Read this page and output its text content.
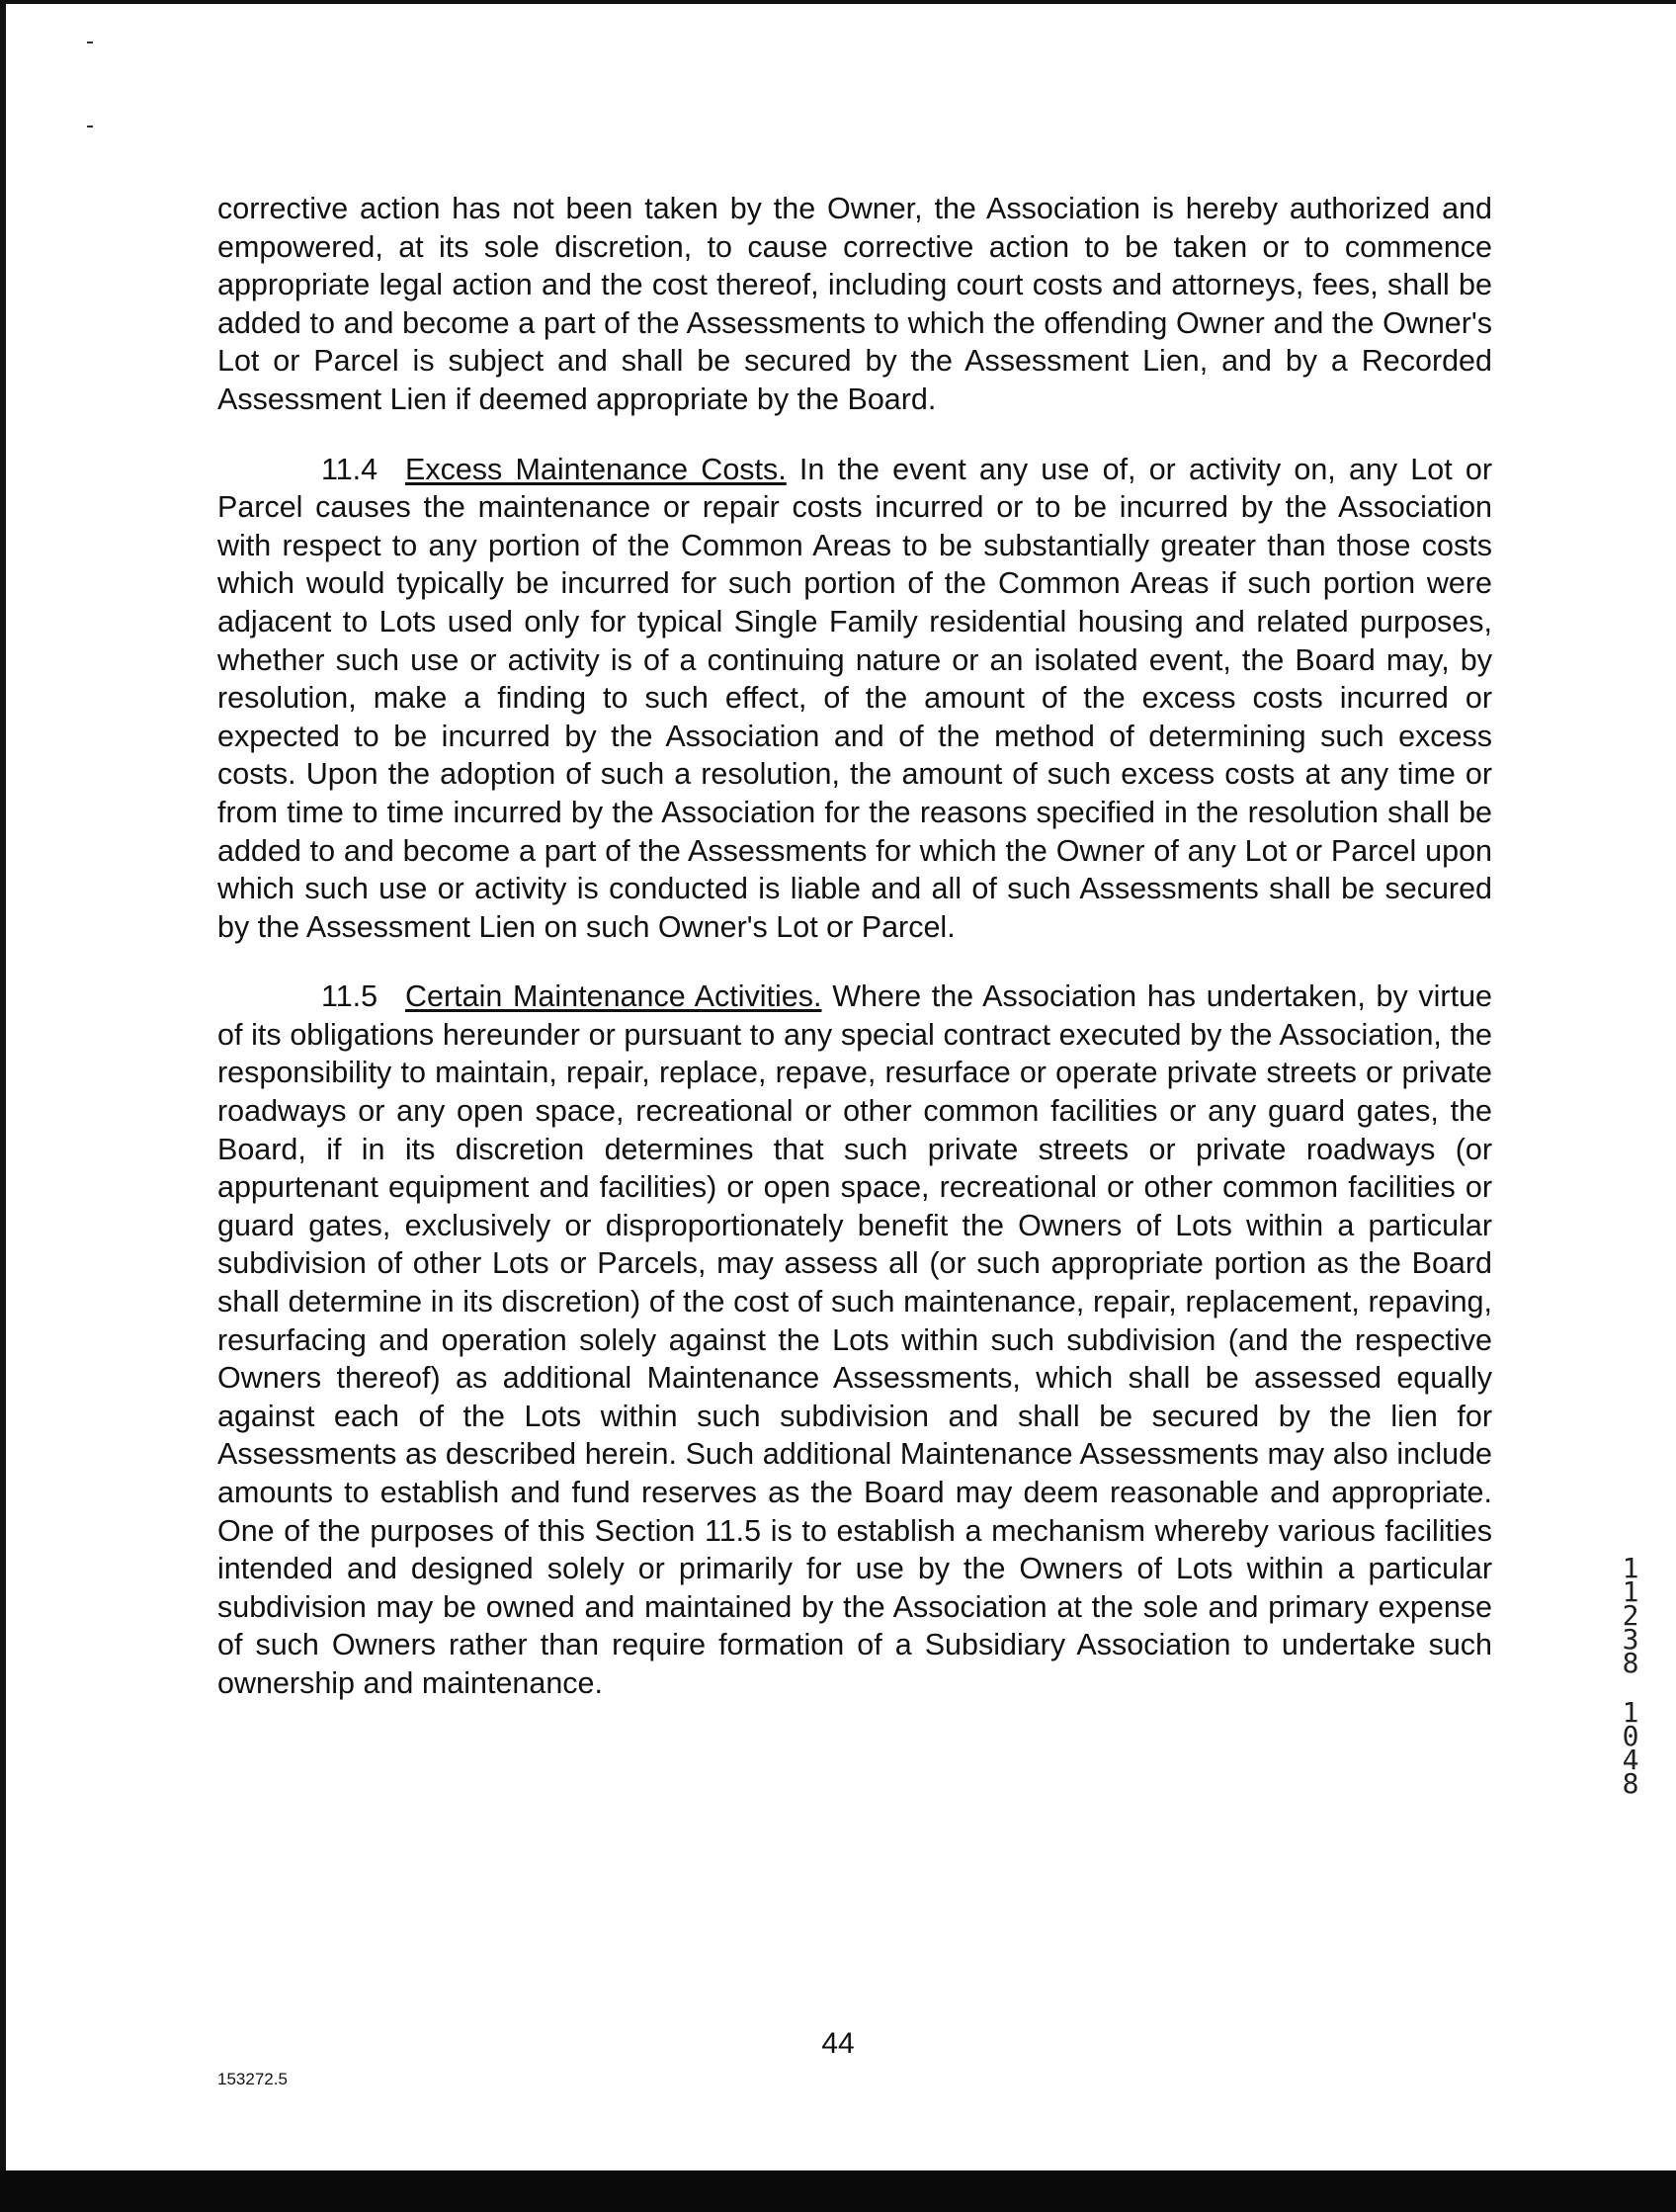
corrective action has not been taken by the Owner, the Association is hereby authorized and empowered, at its sole discretion, to cause corrective action to be taken or to commence appropriate legal action and the cost thereof, including court costs and attorneys, fees, shall be added to and become a part of the Assessments to which the offending Owner and the Owner's Lot or Parcel is subject and shall be secured by the Assessment Lien, and by a Recorded Assessment Lien if deemed appropriate by the Board.

11.4 Excess Maintenance Costs. In the event any use of, or activity on, any Lot or Parcel causes the maintenance or repair costs incurred or to be incurred by the Association with respect to any portion of the Common Areas to be substantially greater than those costs which would typically be incurred for such portion of the Common Areas if such portion were adjacent to Lots used only for typical Single Family residential housing and related purposes, whether such use or activity is of a continuing nature or an isolated event, the Board may, by resolution, make a finding to such effect, of the amount of the excess costs incurred or expected to be incurred by the Association and of the method of determining such excess costs. Upon the adoption of such a resolution, the amount of such excess costs at any time or from time to time incurred by the Association for the reasons specified in the resolution shall be added to and become a part of the Assessments for which the Owner of any Lot or Parcel upon which such use or activity is conducted is liable and all of such Assessments shall be secured by the Assessment Lien on such Owner's Lot or Parcel.

11.5 Certain Maintenance Activities. Where the Association has undertaken, by virtue of its obligations hereunder or pursuant to any special contract executed by the Association, the responsibility to maintain, repair, replace, repave, resurface or operate private streets or private roadways or any open space, recreational or other common facilities or any guard gates, the Board, if in its discretion determines that such private streets or private roadways (or appurtenant equipment and facilities) or open space, recreational or other common facilities or guard gates, exclusively or disproportionately benefit the Owners of Lots within a particular subdivision of other Lots or Parcels, may assess all (or such appropriate portion as the Board shall determine in its discretion) of the cost of such maintenance, repair, replacement, repaving, resurfacing and operation solely against the Lots within such subdivision (and the respective Owners thereof) as additional Maintenance Assessments, which shall be assessed equally against each of the Lots within such subdivision and shall be secured by the lien for Assessments as described herein. Such additional Maintenance Assessments may also include amounts to establish and fund reserves as the Board may deem reasonable and appropriate. One of the purposes of this Section 11.5 is to establish a mechanism whereby various facilities intended and designed solely or primarily for use by the Owners of Lots within a particular subdivision may be owned and maintained by the Association at the sole and primary expense of such Owners rather than require formation of a Subsidiary Association to undertake such ownership and maintenance.

1
1
2
3
8
1
0
4
8
44
153272.5
